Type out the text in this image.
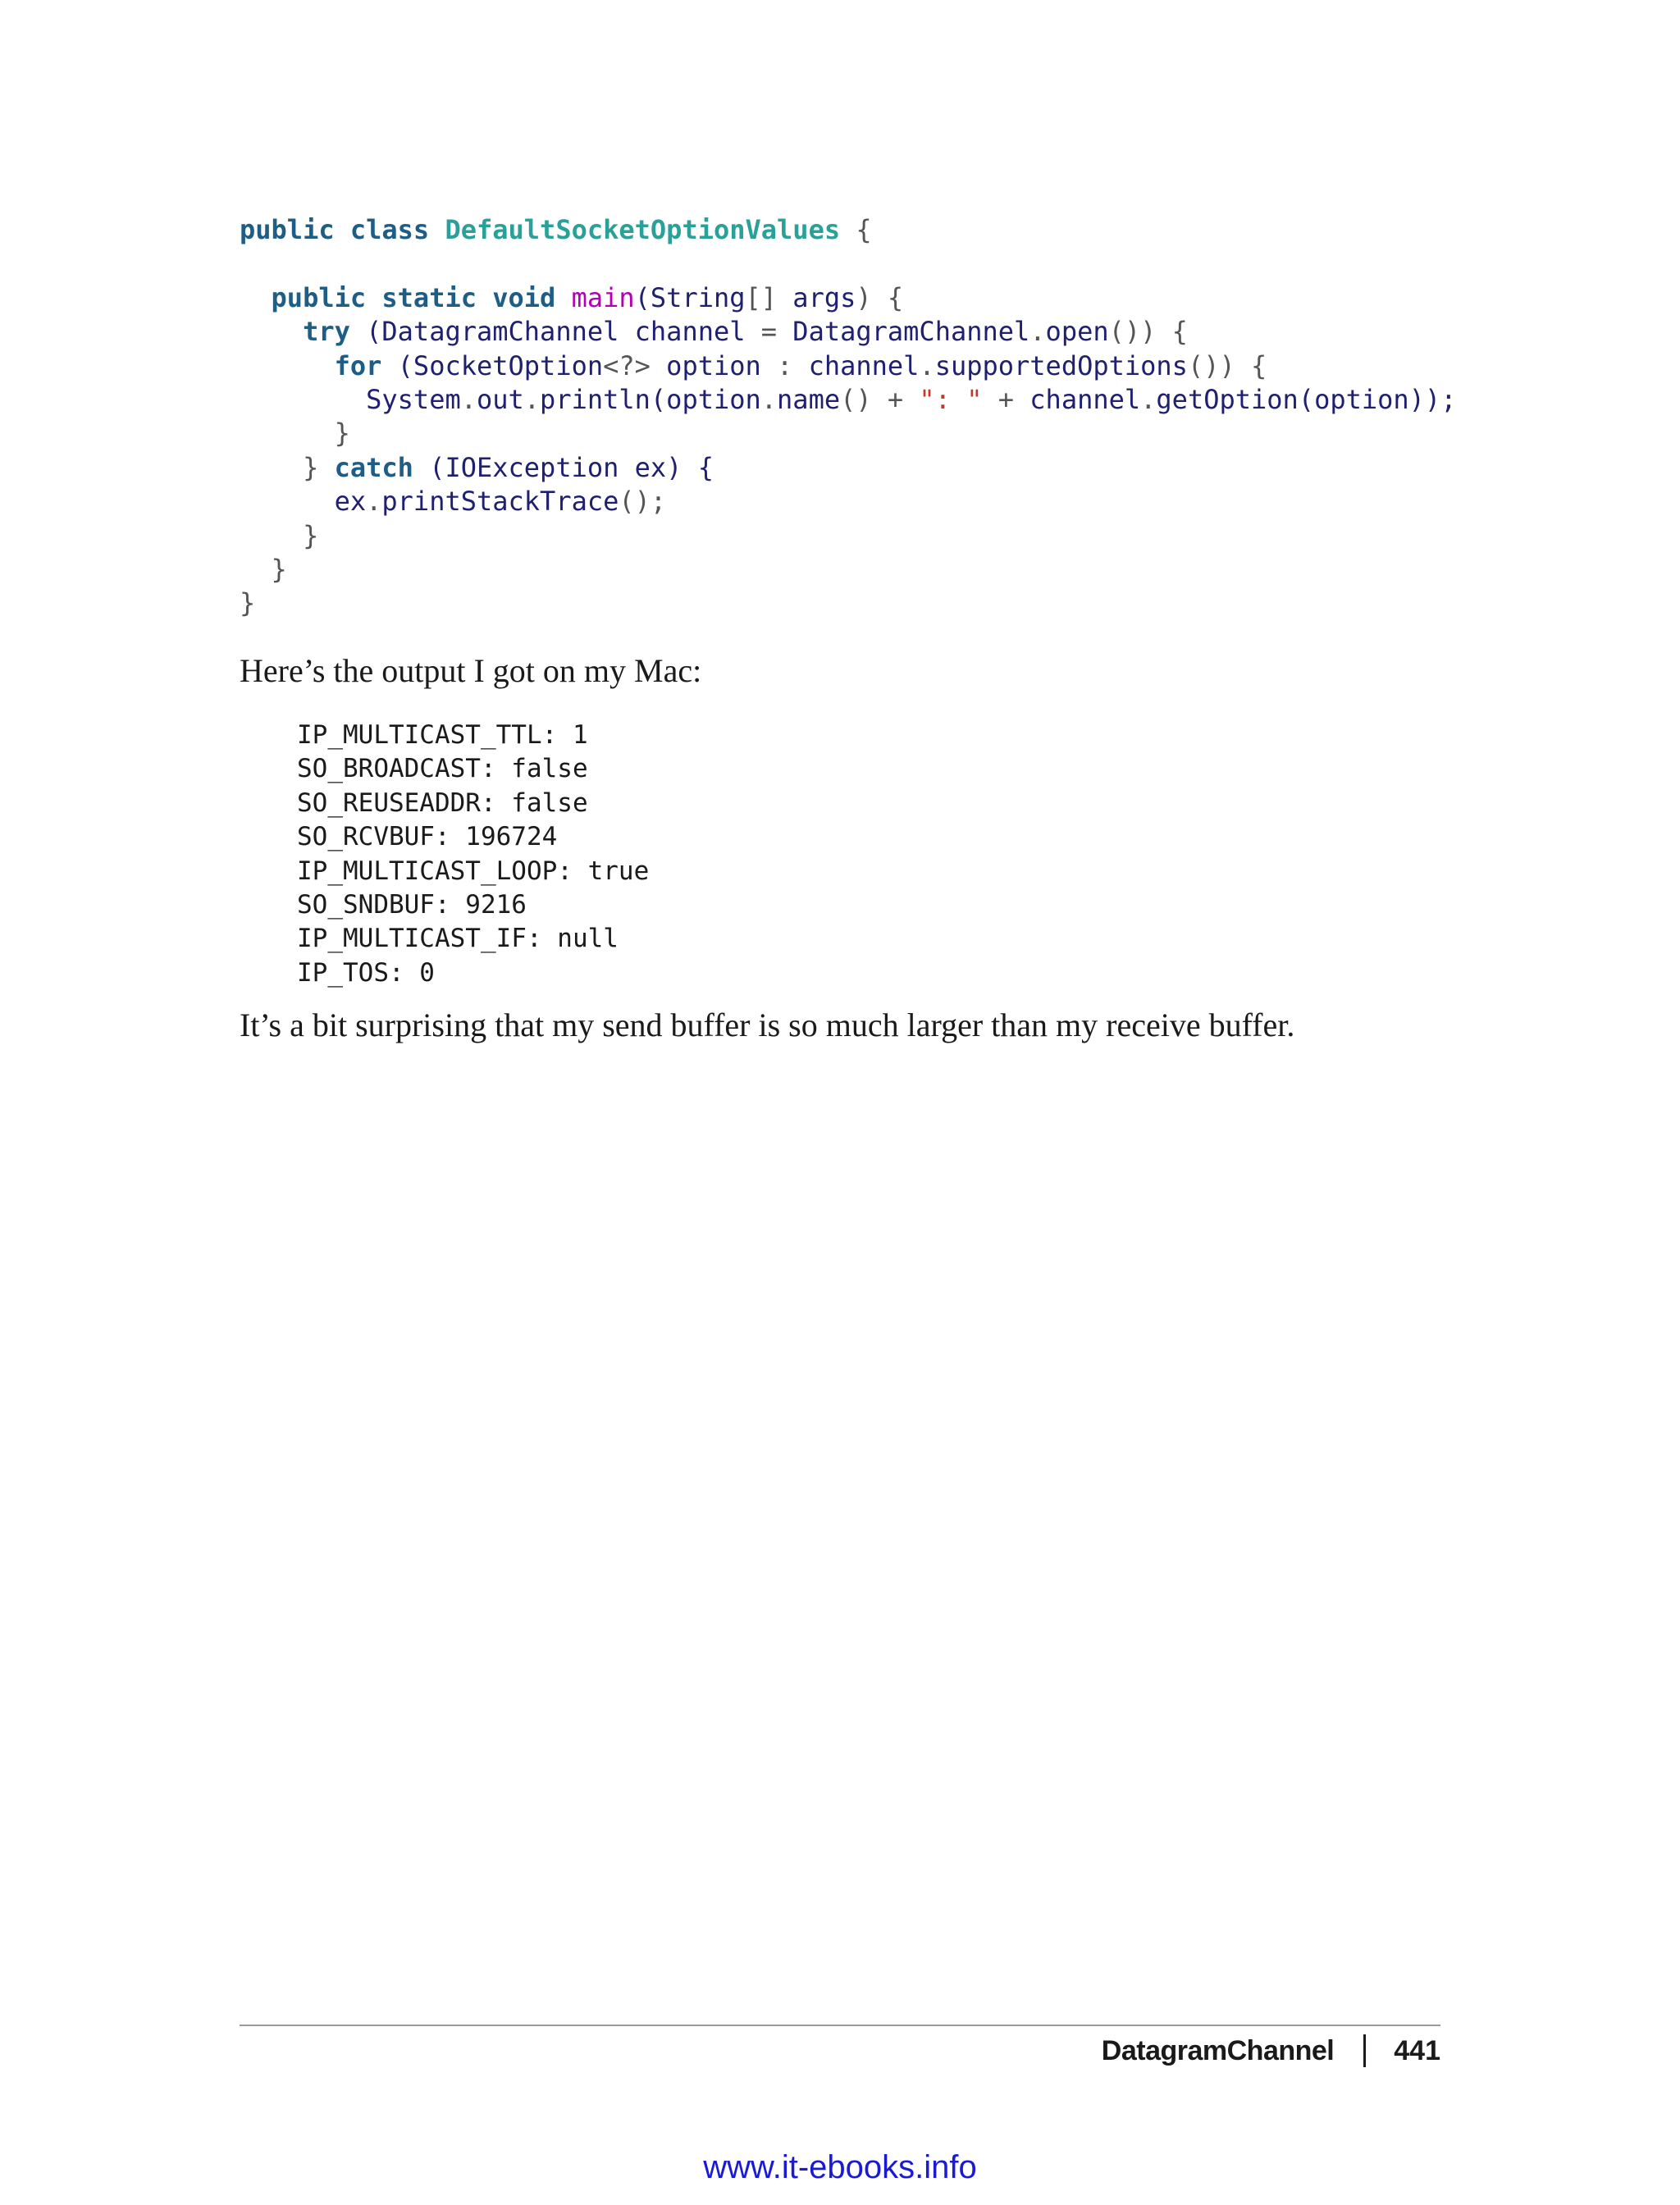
public class DefaultSocketOptionValues {
public static void main(String[] args) {
try (DatagramChannel channel = DatagramChannel.open()) {
for (SocketOption<?> option : channel.supportedOptions()) {
System.out.println(option.name() + ": " + channel.getOption(option));
}
} catch (IOException ex) {
ex.printStackTrace();
}
}
}

Here’s the output I got on my Mac:

IP_MULTICAST_TTL: 1
SO_BROADCAST: false
SO_REUSEADDR: false
SO_RCVBUF: 196724
IP_MULTICAST_LOOP: true
SO_SNDBUF: 9216
IP_MULTICAST_IF: null
IP_TOS: 0

It’s a bit surprising that my send buffer is so much larger than my receive buffer.

DatagramChannel 441
www.it-ebooks.info
